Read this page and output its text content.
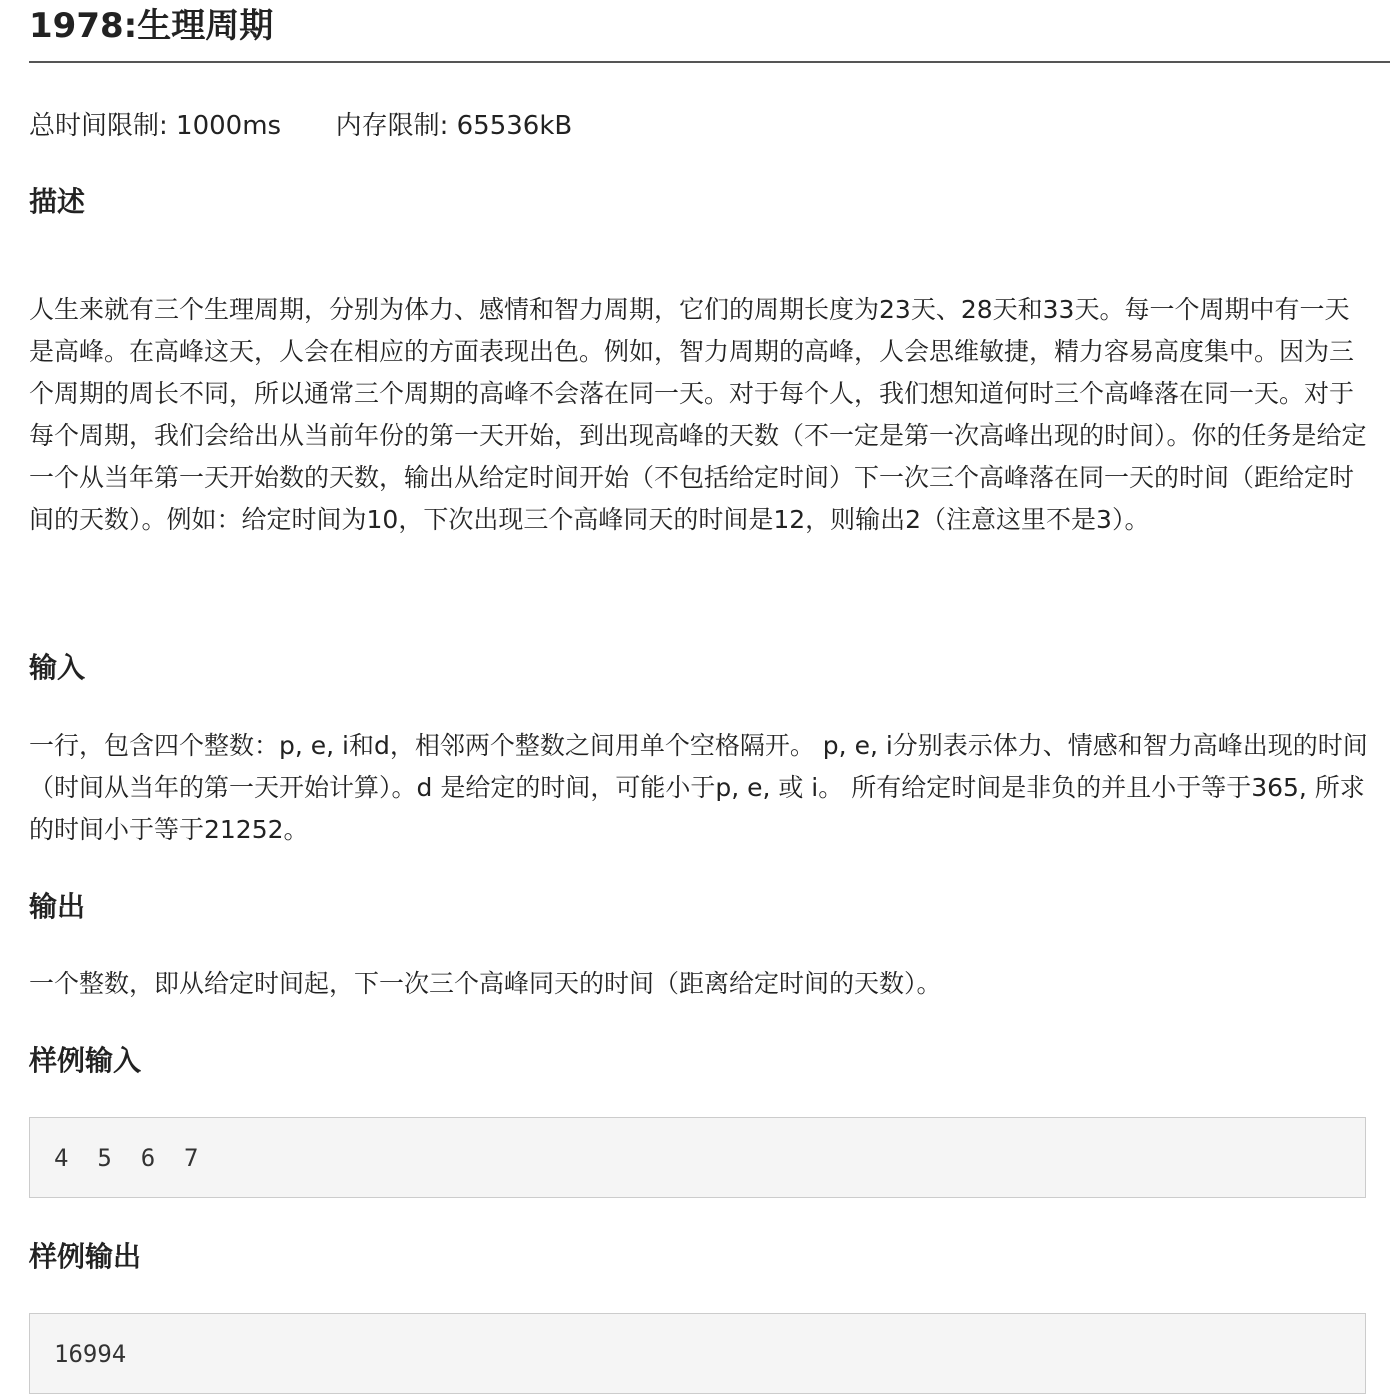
1978:生理周期
总时间限制: 1000ms 内存限制: 65536kB
描述

人生来就有三个生理周期，分别为体力、感情和智力周期，它们的周期长度为23天、28天和33天。每一个周期中有一天是高峰。在高峰这天，人会在相应的方面表现出色。例如，智力周期的高峰，人会思维敏捷，精力容易高度集中。因为三个周期的周长不同，所以通常三个周期的高峰不会落在同一天。对于每个人，我们想知道何时三个高峰落在同一天。对于每个周期，我们会给出从当前年份的第一天开始，到出现高峰的天数（不一定是第一次高峰出现的时间）。你的任务是给定一个从当年第一天开始数的天数，输出从给定时间开始（不包括给定时间）下一次三个高峰落在同一天的时间（距给定时间的天数）。例如：给定时间为10，下次出现三个高峰同天的时间是12，则输出2（注意这里不是3）。

输入

一行，包含四个整数：p, e, i和d，相邻两个整数之间用单个空格隔开。 p, e, i分别表示体力、情感和智力高峰出现的时间（时间从当年的第一天开始计算）。d 是给定的时间，可能小于p, e, 或 i。 所有给定时间是非负的并且小于等于365, 所求的时间小于等于21252。

输出

一个整数，即从给定时间起，下一次三个高峰同天的时间（距离给定时间的天数）。

样例输入
4  5  6  7
样例输出
16994
